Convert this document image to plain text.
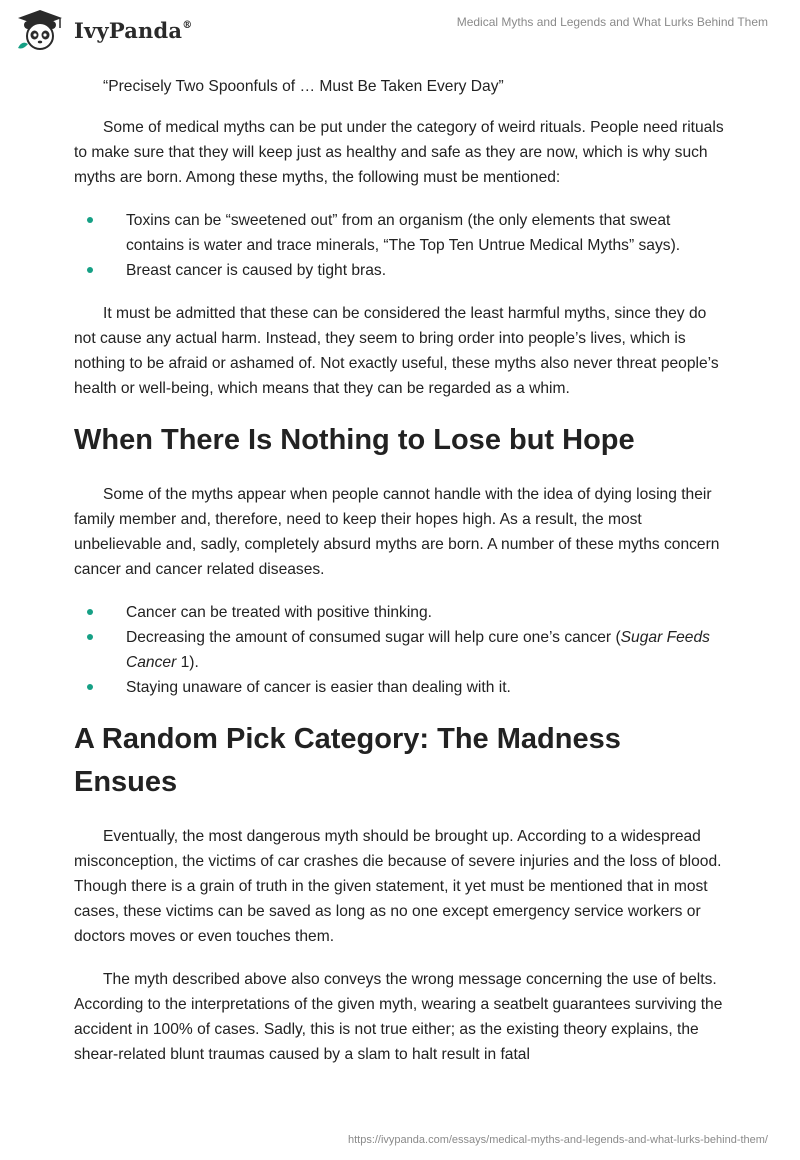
IvyPanda®	Medical Myths and Legends and What Lurks Behind Them

“Precisely Two Spoonfuls of … Must Be Taken Every Day”

Some of medical myths can be put under the category of weird rituals. People need rituals to make sure that they will keep just as healthy and safe as they are now, which is why such myths are born. Among these myths, the following must be mentioned:

Toxins can be “sweetened out” from an organism (the only elements that sweat contains is water and trace minerals, “The Top Ten Untrue Medical Myths” says).
Breast cancer is caused by tight bras.

It must be admitted that these can be considered the least harmful myths, since they do not cause any actual harm. Instead, they seem to bring order into people’s lives, which is nothing to be afraid or ashamed of. Not exactly useful, these myths also never threat people’s health or well-being, which means that they can be regarded as a whim.

When There Is Nothing to Lose but Hope

Some of the myths appear when people cannot handle with the idea of dying losing their family member and, therefore, need to keep their hopes high. As a result, the most unbelievable and, sadly, completely absurd myths are born. A number of these myths concern cancer and cancer related diseases.

Cancer can be treated with positive thinking.
Decreasing the amount of consumed sugar will help cure one’s cancer (Sugar Feeds Cancer 1).
Staying unaware of cancer is easier than dealing with it.
A Random Pick Category: The Madness Ensues

Eventually, the most dangerous myth should be brought up. According to a widespread misconception, the victims of car crashes die because of severe injuries and the loss of blood. Though there is a grain of truth in the given statement, it yet must be mentioned that in most cases, these victims can be saved as long as no one except emergency service workers or doctors moves or even touches them.

The myth described above also conveys the wrong message concerning the use of belts. According to the interpretations of the given myth, wearing a seatbelt guarantees surviving the accident in 100% of cases. Sadly, this is not true either; as the existing theory explains, the shear-related blunt traumas caused by a slam to halt result in fatal

https://ivypanda.com/essays/medical-myths-and-legends-and-what-lurks-behind-them/
